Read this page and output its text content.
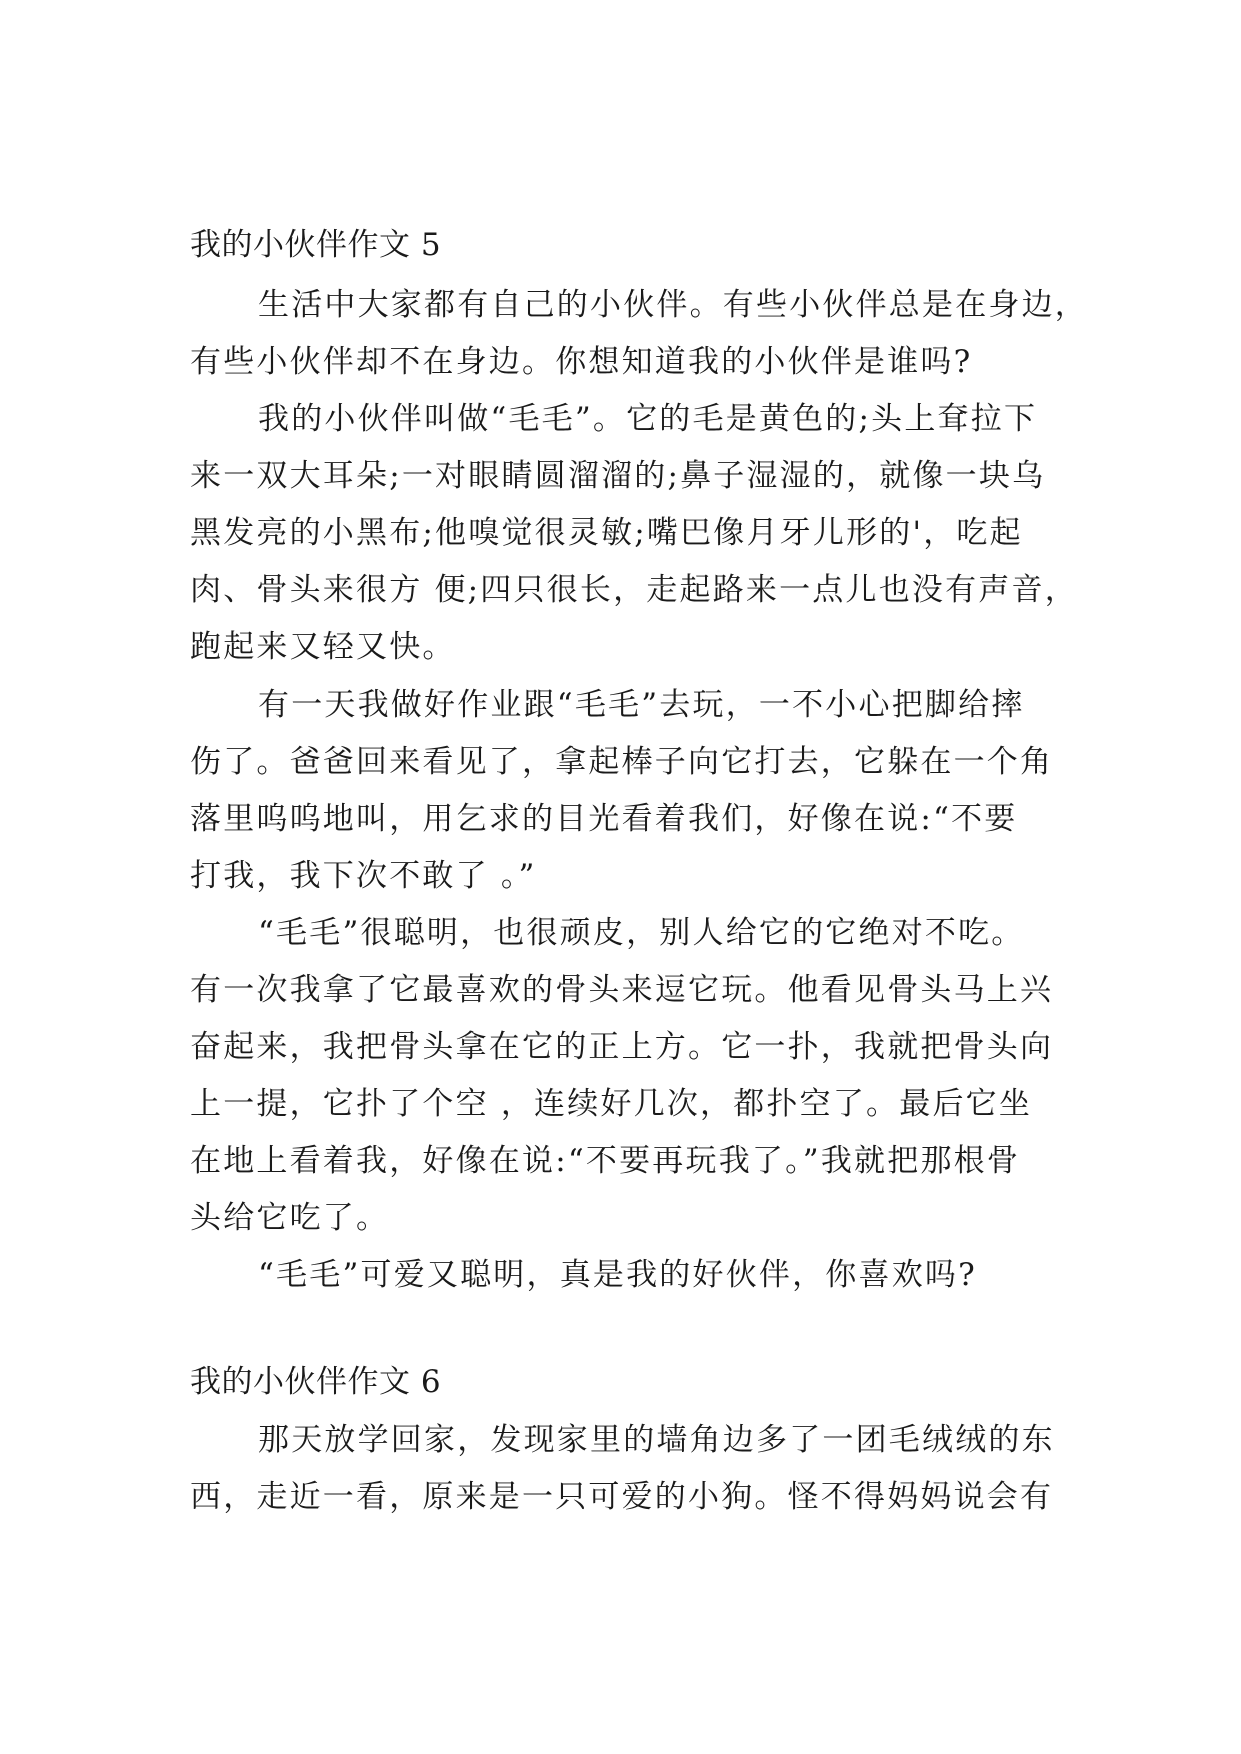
我的小伙伴作文 5
生活中大家都有自己的小伙伴。有些小伙伴总是在身边，
有些小伙伴却不在身边。你想知道我的小伙伴是谁吗?
我的小伙伴叫做“毛毛”。它的毛是黄色的;头上耷拉下
来一双大耳朵;一对眼睛圆溜溜的;鼻子湿湿的，就像一块乌
黑发亮的小黑布;他嗅觉很灵敏;嘴巴像月牙儿形的'，吃起
肉、骨头来很方 便;四只很长，走起路来一点儿也没有声音，
跑起来又轻又快。
有一天我做好作业跟“毛毛”去玩，一不小心把脚给摔
伤了。爸爸回来看见了，拿起棒子向它打去，它躲在一个角
落里呜呜地叫，用乞求的目光看着我们，好像在说:“不要
打我，我下次不敢了 。”
“毛毛”很聪明，也很顽皮，别人给它的它绝对不吃。
有一次我拿了它最喜欢的骨头来逗它玩。他看见骨头马上兴
奋起来，我把骨头拿在它的正上方。它一扑，我就把骨头向
上一提，它扑了个空 ，连续好几次，都扑空了。最后它坐
在地上看着我，好像在说:“不要再玩我了。”我就把那根骨
头给它吃了。
“毛毛”可爱又聪明，真是我的好伙伴，你喜欢吗?
我的小伙伴作文 6
那天放学回家，发现家里的墙角边多了一团毛绒绒的东
西，走近一看，原来是一只可爱的小狗。怪不得妈妈说会有
